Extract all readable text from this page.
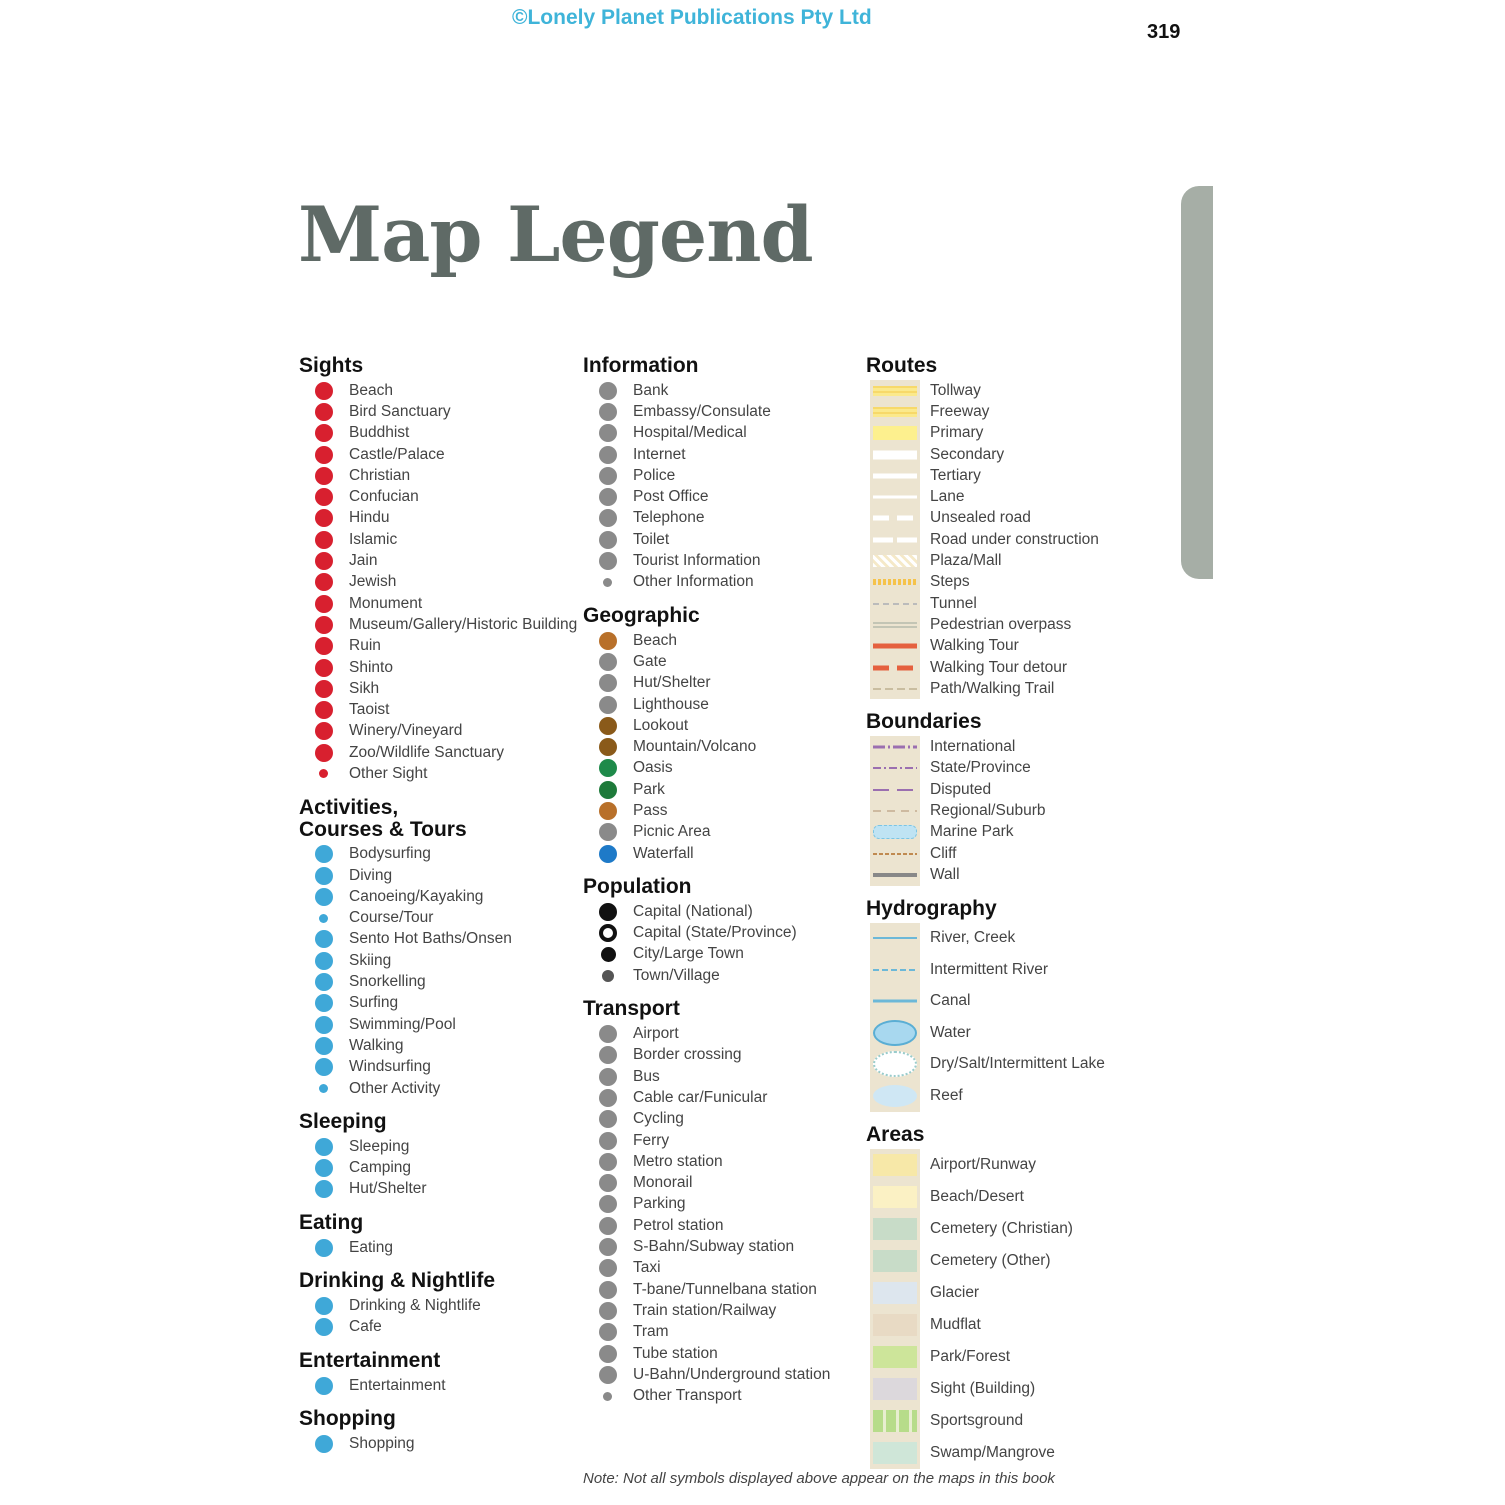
©Lonely Planet Publications Pty Ltd
319
Map Legend
Sights
Beach
Bird Sanctuary
Buddhist
Castle/Palace
Christian
Confucian
Hindu
Islamic
Jain
Jewish
Monument
Museum/Gallery/Historic Building
Ruin
Shinto
Sikh
Taoist
Winery/Vineyard
Zoo/Wildlife Sanctuary
Other Sight
Activities,
Courses & Tours
Bodysurfing
Diving
Canoeing/Kayaking
Course/Tour
Sento Hot Baths/Onsen
Skiing
Snorkelling
Surfing
Swimming/Pool
Walking
Windsurfing
Other Activity
Sleeping
Sleeping
Camping
Hut/Shelter
Eating
Eating
Drinking & Nightlife
Drinking & Nightlife
Cafe
Entertainment
Entertainment
Shopping
Shopping
Information
Bank
Embassy/Consulate
Hospital/Medical
Internet
Police
Post Office
Telephone
Toilet
Tourist Information
Other Information
Geographic
Beach
Gate
Hut/Shelter
Lighthouse
Lookout
Mountain/Volcano
Oasis
Park
Pass
Picnic Area
Waterfall
Population
Capital (National)
Capital (State/Province)
City/Large Town
Town/Village
Transport
Airport
Border crossing
Bus
Cable car/Funicular
Cycling
Ferry
Metro station
Monorail
Parking
Petrol station
S-Bahn/Subway station
Taxi
T-bane/Tunnelbana station
Train station/Railway
Tram
Tube station
U-Bahn/Underground station
Other Transport
Routes
Tollway
Freeway
Primary
Secondary
Tertiary
Lane
Unsealed road
Road under construction
Plaza/Mall
Steps
Tunnel
Pedestrian overpass
Walking Tour
Walking Tour detour
Path/Walking Trail
Boundaries
International
State/Province
Disputed
Regional/Suburb
Marine Park
Cliff
Wall
Hydrography
River, Creek
Intermittent River
Canal
Water
Dry/Salt/Intermittent Lake
Reef
Areas
Airport/Runway
Beach/Desert
Cemetery (Christian)
Cemetery (Other)
Glacier
Mudflat
Park/Forest
Sight (Building)
Sportsground
Swamp/Mangrove
Note: Not all symbols displayed above appear on the maps in this book
